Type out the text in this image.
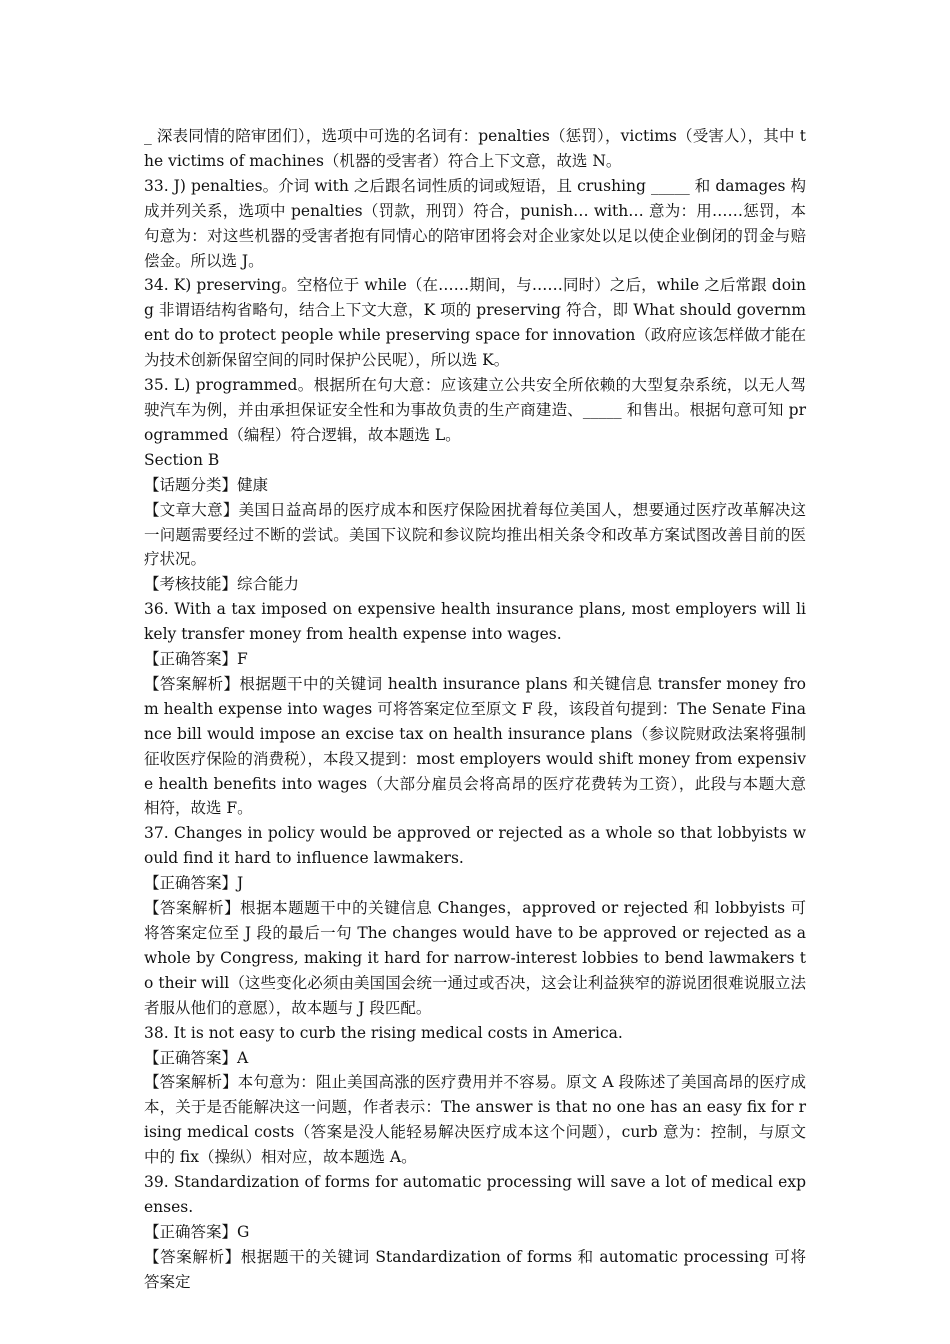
_ 深表同情的陪审团们），选项中可选的名词有：penalties（惩罚），victims（受害人），其中 the victims of machines（机器的受害者）符合上下文意，故选 N。

33. J) penalties。介词 with 之后跟名词性质的词或短语，且 crushing _____ 和 damages 构成并列关系，选项中 penalties（罚款，刑罚）符合，punish… with… 意为：用……惩罚，本句意为：对这些机器的受害者抱有同情心的陪审团将会对企业家处以足以使企业倒闭的罚金与赔偿金。所以选 J。

34. K) preserving。空格位于 while（在……期间，与……同时）之后，while 之后常跟 doing 非谓语结构省略句，结合上下文大意，K 项的 preserving 符合，即 What should government do to protect people while preserving space for innovation（政府应该怎样做才能在为技术创新保留空间的同时保护公民呢），所以选 K。

35. L) programmed。根据所在句大意：应该建立公共安全所依赖的大型复杂系统，以无人驾驶汽车为例，并由承担保证安全性和为事故负责的生产商建造、_____ 和售出。根据句意可知 programmed（编程）符合逻辑，故本题选 L。

Section B

【话题分类】健康

【文章大意】美国日益高昂的医疗成本和医疗保险困扰着每位美国人，想要通过医疗改革解决这一问题需要经过不断的尝试。美国下议院和参议院均推出相关条令和改革方案试图改善目前的医疗状况。

【考核技能】综合能力

36. With a tax imposed on expensive health insurance plans, most employers will likely transfer money from health expense into wages.

【正确答案】F

【答案解析】根据题干中的关键词 health insurance plans 和关键信息 transfer money from health expense into wages 可将答案定位至原文 F 段，该段首句提到：The Senate Finance bill would impose an excise tax on health insurance plans（参议院财政法案将强制征收医疗保险的消费税），本段又提到：most employers would shift money from expensive health benefits into wages（大部分雇员会将高昂的医疗花费转为工资），此段与本题大意相符，故选 F。

37. Changes in policy would be approved or rejected as a whole so that lobbyists would find it hard to influence lawmakers.

【正确答案】J

【答案解析】根据本题题干中的关键信息 Changes，approved or rejected 和 lobbyists 可将答案定位至 J 段的最后一句 The changes would have to be approved or rejected as a whole by Congress, making it hard for narrow-interest lobbies to bend lawmakers to their will（这些变化必须由美国国会统一通过或否决，这会让利益狭窄的游说团很难说服立法者服从他们的意愿），故本题与 J 段匹配。

38. It is not easy to curb the rising medical costs in America.

【正确答案】A

【答案解析】本句意为：阻止美国高涨的医疗费用并不容易。原文 A 段陈述了美国高昂的医疗成本，关于是否能解决这一问题，作者表示：The answer is that no one has an easy fix for rising medical costs（答案是没人能轻易解决医疗成本这个问题），curb 意为：控制，与原文中的 fix（操纵）相对应，故本题选 A。

39. Standardization of forms for automatic processing will save a lot of medical expenses.

【正确答案】G

【答案解析】根据题干的关键词 Standardization of forms 和 automatic processing 可将答案定
